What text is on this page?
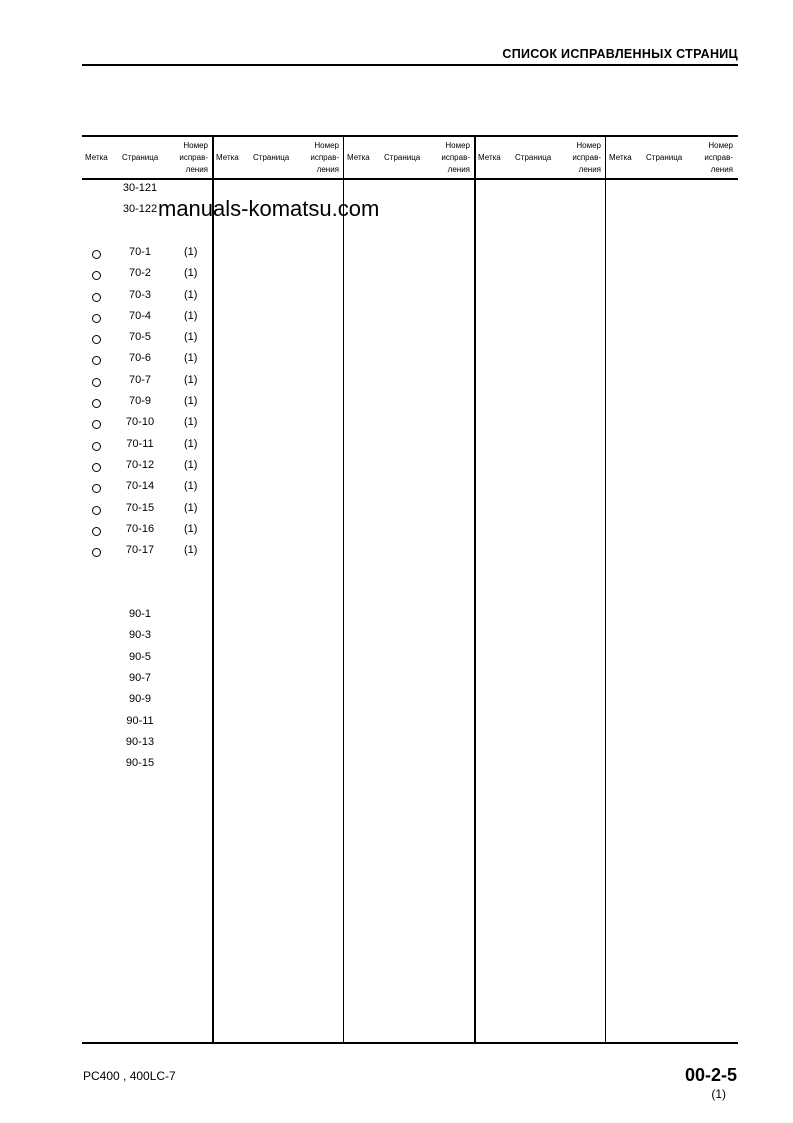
СПИСОК ИСПРАВЛЕННЫХ СТРАНИЦ
Метка Страница
Номер
исправ-
ления
Метка Страница
Номер
исправ-
ления
Метка Страница
Номер
исправ-
ления
Метка Страница
Номер
исправ-
ления
Метка Страница
Номер
исправ-
ления
30-121
30-122
70-1	(1)
70-2	(1)
70-3	(1)
70-4	(1)
70-5	(1)
70-6	(1)
70-7	(1)
70-9	(1)
70-10	(1)
70-11	(1)
70-12	(1)
70-14	(1)
70-15	(1)
70-16	(1)
70-17	(1)
90-1
90-3
90-5
90-7
90-9
90-11
90-13
90-15
manuals-komatsu.com
PC400 , 400LC-7	00-2-5
(1)
